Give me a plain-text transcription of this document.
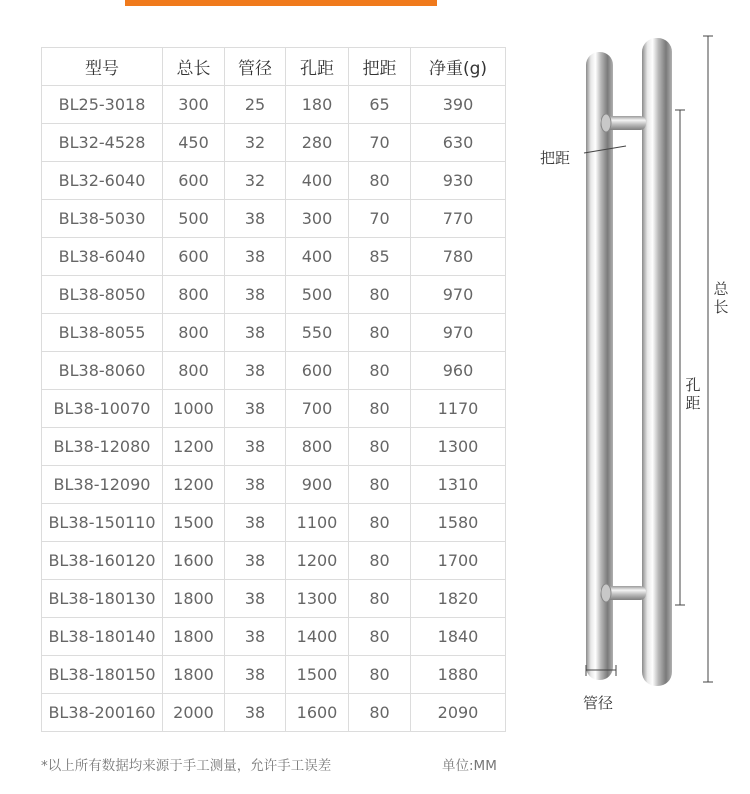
型号	总长	管径	孔距	把距	净重(g)
BL25-3018	300	25	180	65	390
BL32-4528	450	32	280	70	630
BL32-6040	600	32	400	80	930
BL38-5030	500	38	300	70	770
BL38-6040	600	38	400	85	780
BL38-8050	800	38	500	80	970
BL38-8055	800	38	550	80	970
BL38-8060	800	38	600	80	960
BL38-10070	1000	38	700	80	1170
BL38-12080	1200	38	800	80	1300
BL38-12090	1200	38	900	80	1310
BL38-150110	1500	38	1100	80	1580
BL38-160120	1600	38	1200	80	1700
BL38-180130	1800	38	1300	80	1820
BL38-180140	1800	38	1400	80	1840
BL38-180150	1800	38	1500	80	1880
BL38-200160	2000	38	1600	80	2090
*以上所有数据均来源于手工测量，允许手工误差	单位:MM
把距
总长
孔距
管径
